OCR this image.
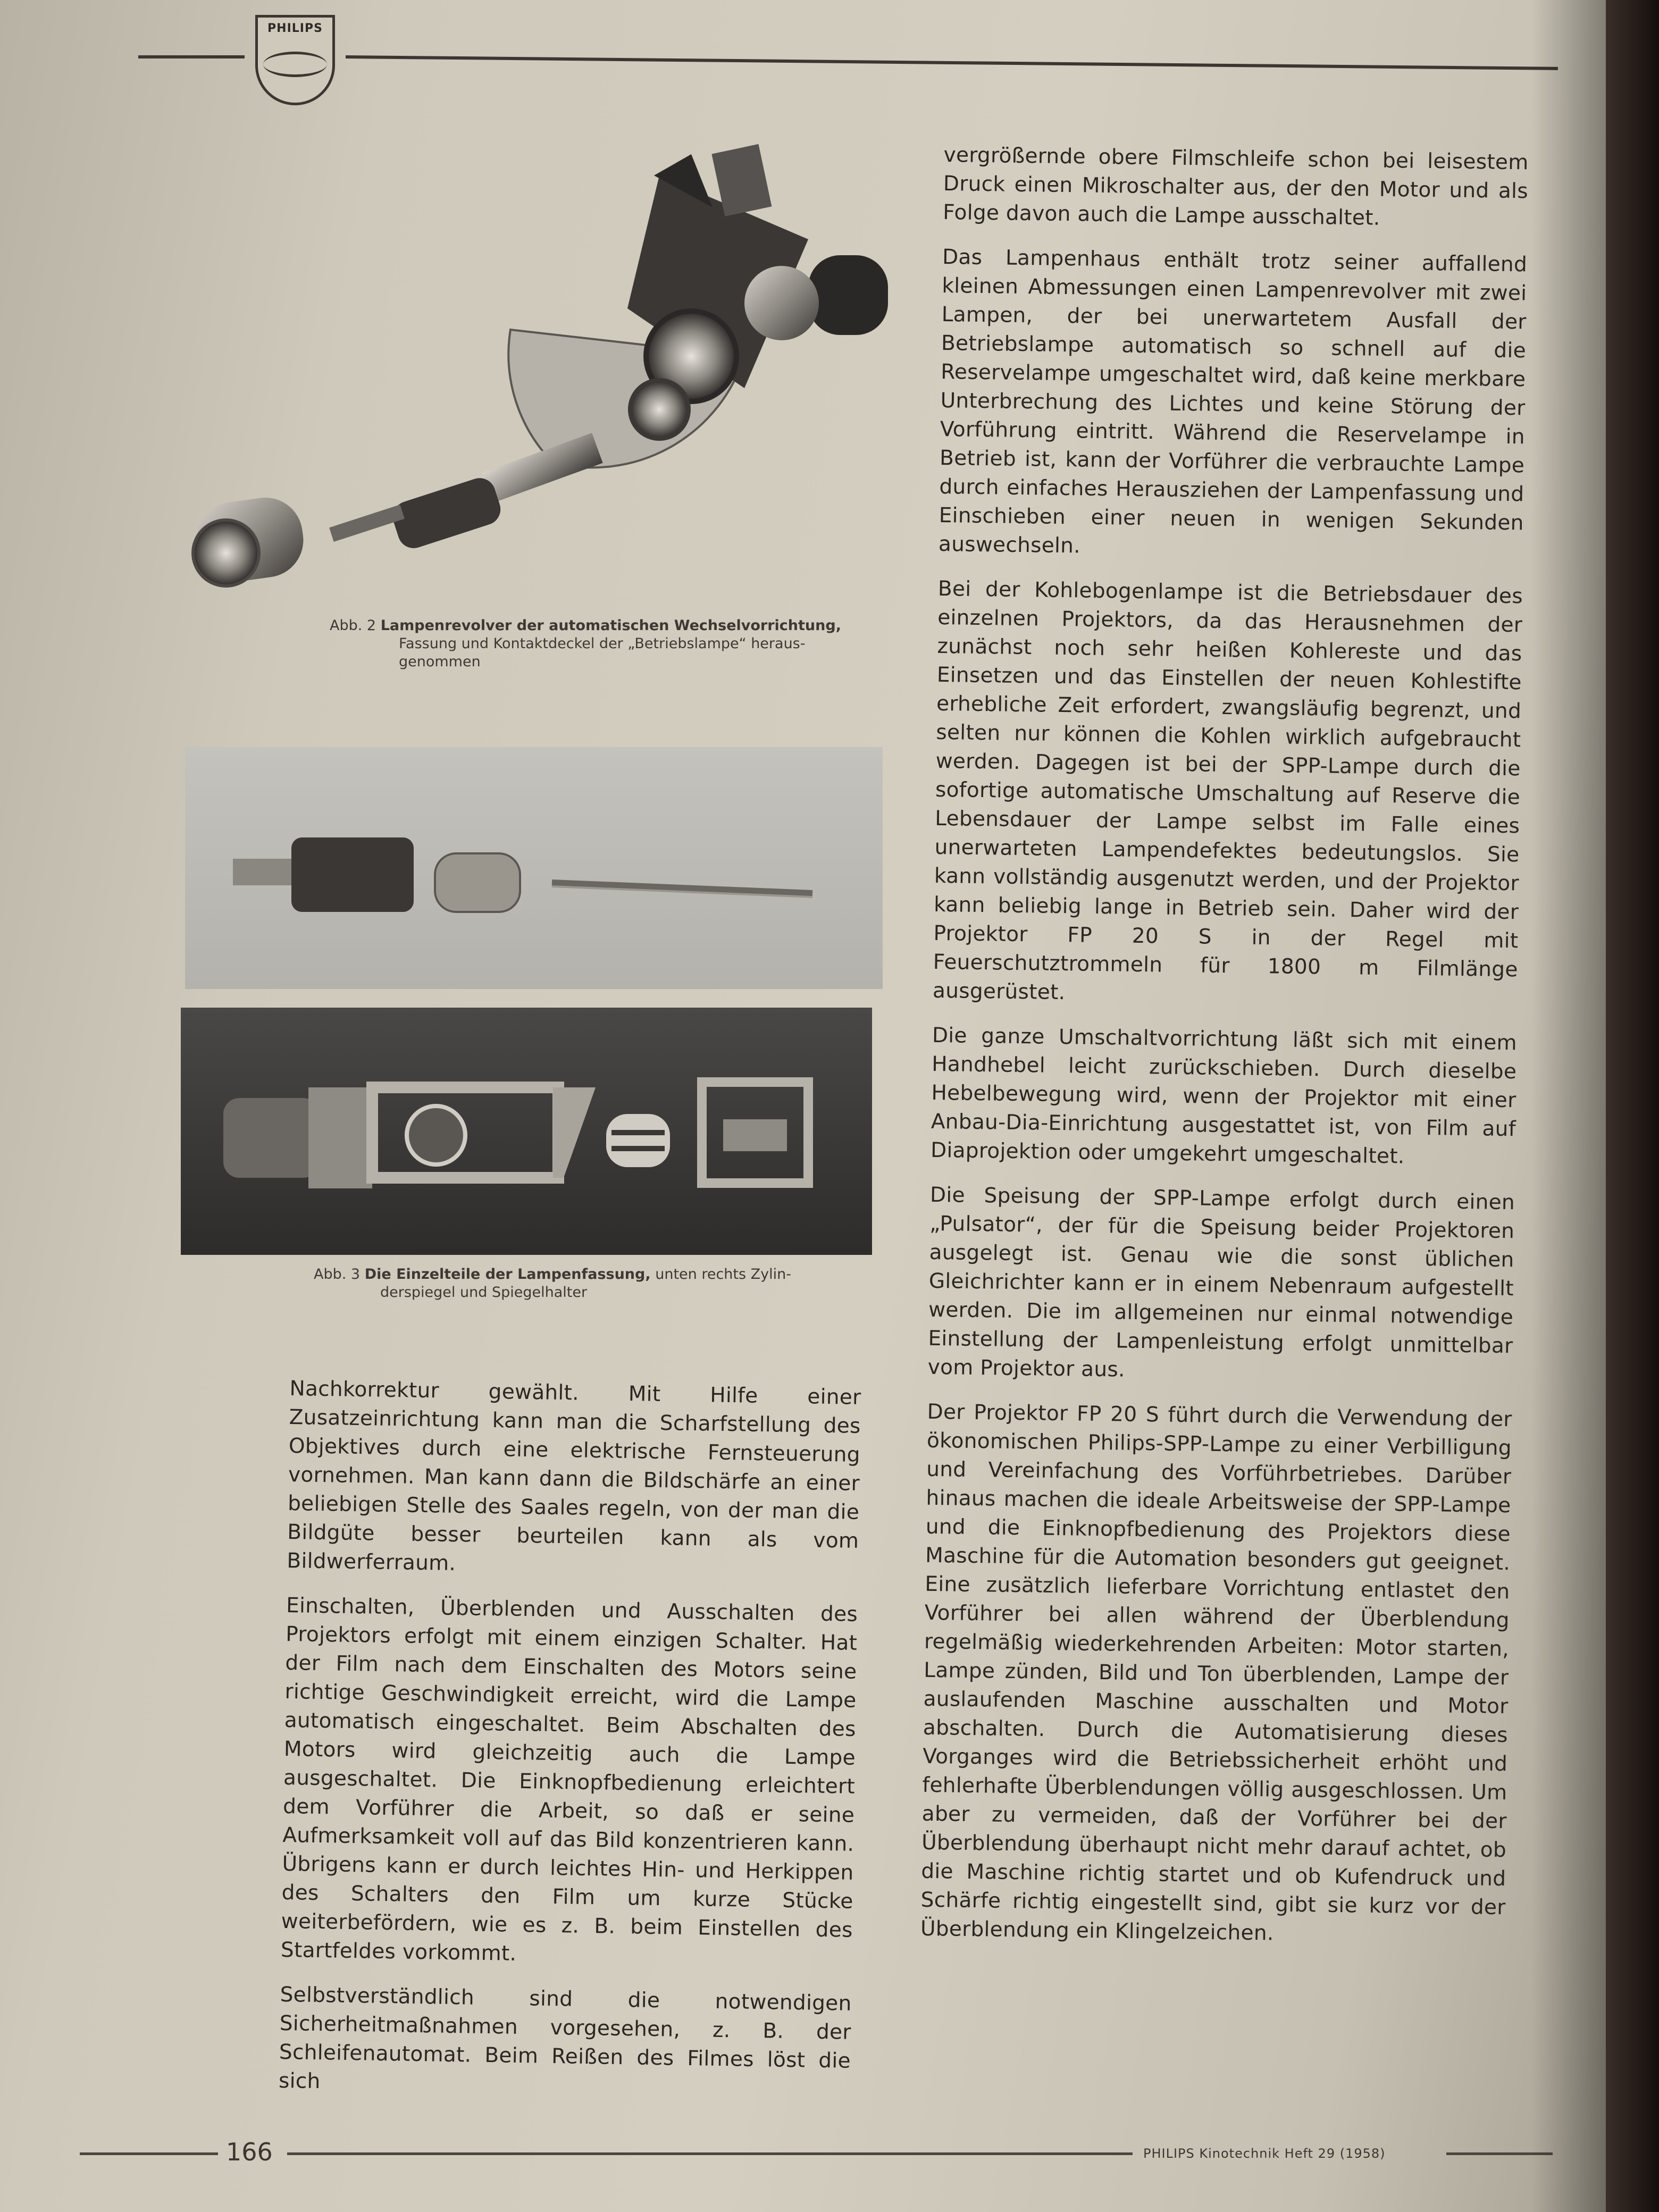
PHILIPS
Abb. 2 Lampenrevolver der automatischen Wechselvorrichtung,
Fassung und Kontaktdeckel der „Betriebslampe“ heraus-
genommen
Abb. 3 Die Einzelteile der Lampenfassung, unten rechts Zylin-
derspiegel und Spiegelhalter

Nachkorrektur gewählt. Mit Hilfe einer Zusatzeinrichtung kann man die Scharfstellung des Objektives durch eine elektrische Fernsteuerung vornehmen. Man kann dann die Bildschärfe an einer beliebigen Stelle des Saales regeln, von der man die Bildgüte besser beurteilen kann als vom Bildwerferraum.

Einschalten, Überblenden und Ausschalten des Projektors erfolgt mit einem einzigen Schalter. Hat der Film nach dem Einschalten des Motors seine richtige Geschwindigkeit erreicht, wird die Lampe automatisch eingeschaltet. Beim Abschalten des Motors wird gleichzeitig auch die Lampe ausgeschaltet. Die Einknopfbedienung erleichtert dem Vorführer die Arbeit, so daß er seine Aufmerksamkeit voll auf das Bild konzentrieren kann. Übrigens kann er durch leichtes Hin- und Herkippen des Schalters den Film um kurze Stücke weiterbefördern, wie es z. B. beim Einstellen des Startfeldes vorkommt.

Selbstverständlich sind die notwendigen Sicherheitmaßnahmen vorgesehen, z. B. der Schleifenautomat. Beim Reißen des Filmes löst die sich

vergrößernde obere Filmschleife schon bei leisestem Druck einen Mikroschalter aus, der den Motor und als Folge davon auch die Lampe ausschaltet.

Das Lampenhaus enthält trotz seiner auffallend kleinen Abmessungen einen Lampenrevolver mit zwei Lampen, der bei unerwartetem Ausfall der Betriebslampe automatisch so schnell auf die Reservelampe umgeschaltet wird, daß keine merkbare Unterbrechung des Lichtes und keine Störung der Vorführung eintritt. Während die Reservelampe in Betrieb ist, kann der Vorführer die verbrauchte Lampe durch einfaches Herausziehen der Lampenfassung und Einschieben einer neuen in wenigen Sekunden auswechseln.

Bei der Kohlebogenlampe ist die Betriebsdauer des einzelnen Projektors, da das Herausnehmen der zunächst noch sehr heißen Kohlereste und das Einsetzen und das Einstellen der neuen Kohlestifte erhebliche Zeit erfordert, zwangsläufig begrenzt, und selten nur können die Kohlen wirklich aufgebraucht werden. Dagegen ist bei der SPP-Lampe durch die sofortige automatische Umschaltung auf Reserve die Lebensdauer der Lampe selbst im Falle eines unerwarteten Lampendefektes bedeutungslos. Sie kann vollständig ausgenutzt werden, und der Projektor kann beliebig lange in Betrieb sein. Daher wird der Projektor FP 20 S in der Regel mit Feuerschutztrommeln für 1800 m Filmlänge ausgerüstet.

Die ganze Umschaltvorrichtung läßt sich mit einem Handhebel leicht zurückschieben. Durch dieselbe Hebelbewegung wird, wenn der Projektor mit einer Anbau-Dia-Einrichtung ausgestattet ist, von Film auf Diaprojektion oder umgekehrt umgeschaltet.

Die Speisung der SPP-Lampe erfolgt durch einen „Pulsator“, der für die Speisung beider Projektoren ausgelegt ist. Genau wie die sonst üblichen Gleichrichter kann er in einem Nebenraum aufgestellt werden. Die im allgemeinen nur einmal notwendige Einstellung der Lampenleistung erfolgt unmittelbar vom Projektor aus.

Der Projektor FP 20 S führt durch die Verwendung der ökonomischen Philips-SPP-Lampe zu einer Verbilligung und Vereinfachung des Vorführbetriebes. Darüber hinaus machen die ideale Arbeitsweise der SPP-Lampe und die Einknopfbedienung des Projektors diese Maschine für die Automation besonders gut geeignet. Eine zusätzlich lieferbare Vorrichtung entlastet den Vorführer bei allen während der Überblendung regelmäßig wiederkehrenden Arbeiten: Motor starten, Lampe zünden, Bild und Ton überblenden, Lampe der auslaufenden Maschine ausschalten und Motor abschalten. Durch die Automatisierung dieses Vorganges wird die Betriebssicherheit erhöht und fehlerhafte Überblendungen völlig ausgeschlossen. Um aber zu vermeiden, daß der Vorführer bei der Überblendung überhaupt nicht mehr darauf achtet, ob die Maschine richtig startet und ob Kufendruck und Schärfe richtig eingestellt sind, gibt sie kurz vor der Überblendung ein Klingelzeichen.

166	PHILIPS Kinotechnik Heft 29 (1958)
